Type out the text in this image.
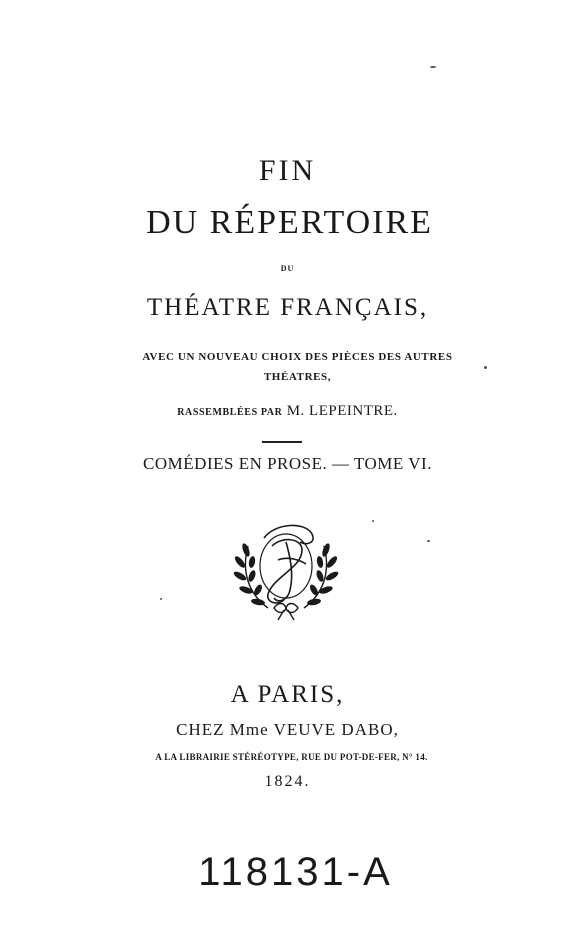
FIN
DU RÉPERTOIRE
DU
THÉATRE FRANÇAIS,
AVEC UN NOUVEAU CHOIX DES PIÈCES DES AUTRES
THÉATRES,
RASSEMBLÉES PAR M. LEPEINTRE.
COMÉDIES EN PROSE. — TOME VI.
A PARIS,
CHEZ Mme VEUVE DABO,
A LA LIBRAIRIE STÉRÉOTYPE, RUE DU POT-DE-FER, N° 14.
1824.
118131-A
